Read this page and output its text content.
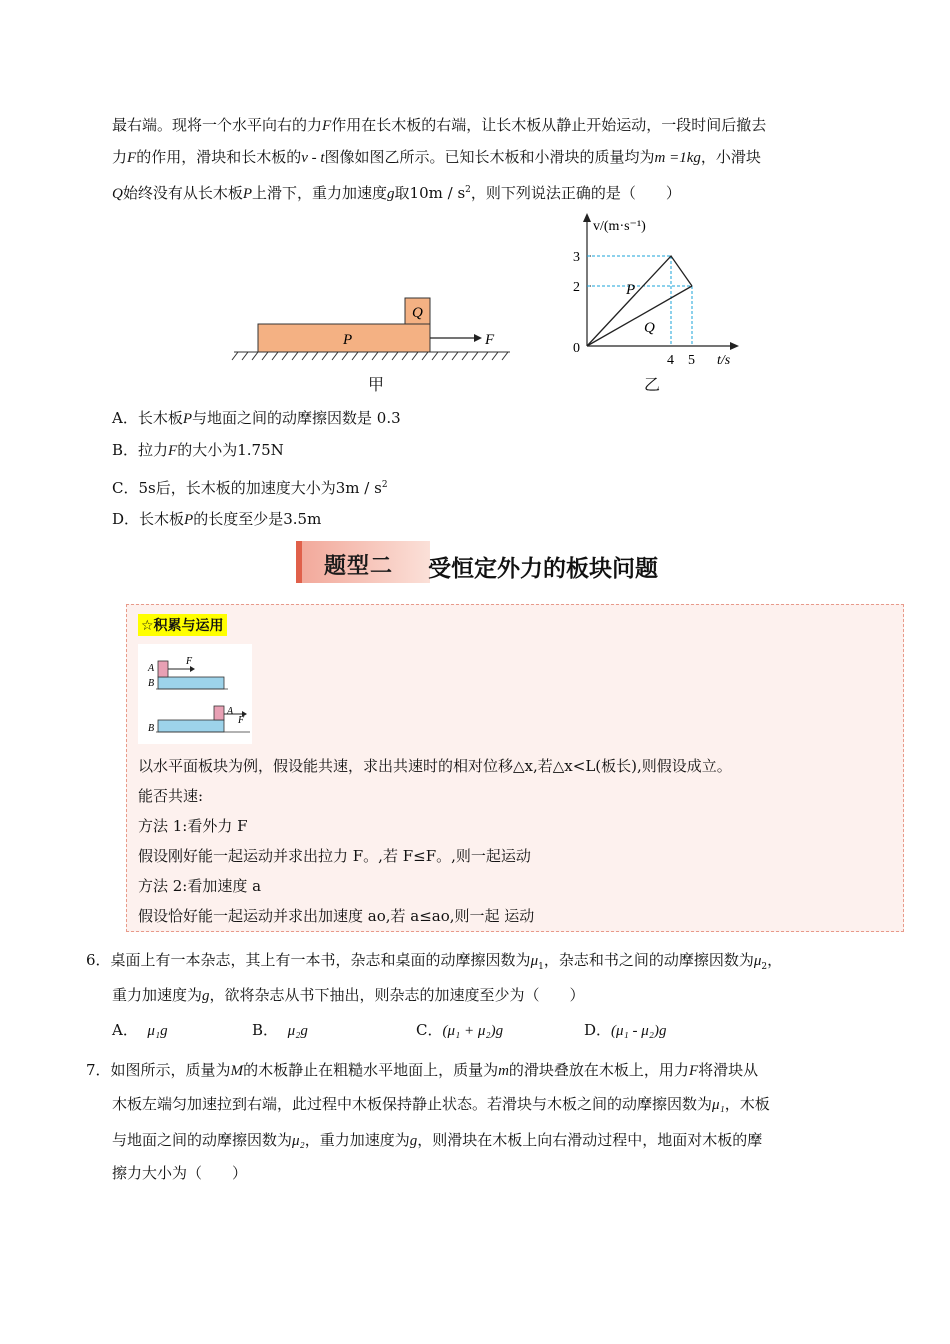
最右端。现将一个水平向右的力F作用在长木板的右端，让长木板从静止开始运动，一段时间后撤去
力F的作用，滑块和长木板的v - t图像如图乙所示。已知长木板和小滑块的质量均为m =1kg，小滑块
Q始终没有从长木板P上滑下，重力加速度g取$10m / s^2$，则下列说法正确的是（　　）
P
Q
F
甲
v/(m·s⁻¹)
t/s
0
2
3
4 5
P
Q
乙
A．长木板P与地面之间的动摩擦因数是 0.3
B．拉力F的大小为1.75N
C．5s后，长木板的加速度大小为$3m / s^2$
D．长木板P的长度至少是3.5m
题型二 受恒定外力的板块问题
☆积累与运用
A
B
F
B
A
F
以水平面板块为例，假设能共速，求出共速时的相对位移△x,若△x<L(板长),则假设成立。
能否共速:
方法 1:看外力 F
假设刚好能一起运动并求出拉力 F。,若 F≤F。,则一起运动
方法 2:看加速度 a
假设恰好能一起运动并求出加速度 ao,若 a≤ao,则一起 运动
6．桌面上有一本杂志，其上有一本书，杂志和桌面的动摩擦因数为$\mu_1$，杂志和书之间的动摩擦因数为$\mu_2$，
重力加速度为g，欲将杂志从书下抽出，则杂志的加速度至少为（　　）
A． μ₁g	B． μ₂g	C．(μ₁ + μ₂)g	D．(μ₁ - μ₂)g
7．如图所示，质量为M的木板静止在粗糙水平地面上，质量为m的滑块叠放在木板上，用力F将滑块从
木板左端匀加速拉到右端，此过程中木板保持静止状态。若滑块与木板之间的动摩擦因数为μ₁，木板
与地面之间的动摩擦因数为μ₂，重力加速度为g，则滑块在木板上向右滑动过程中，地面对木板的摩
擦力大小为（　　）
